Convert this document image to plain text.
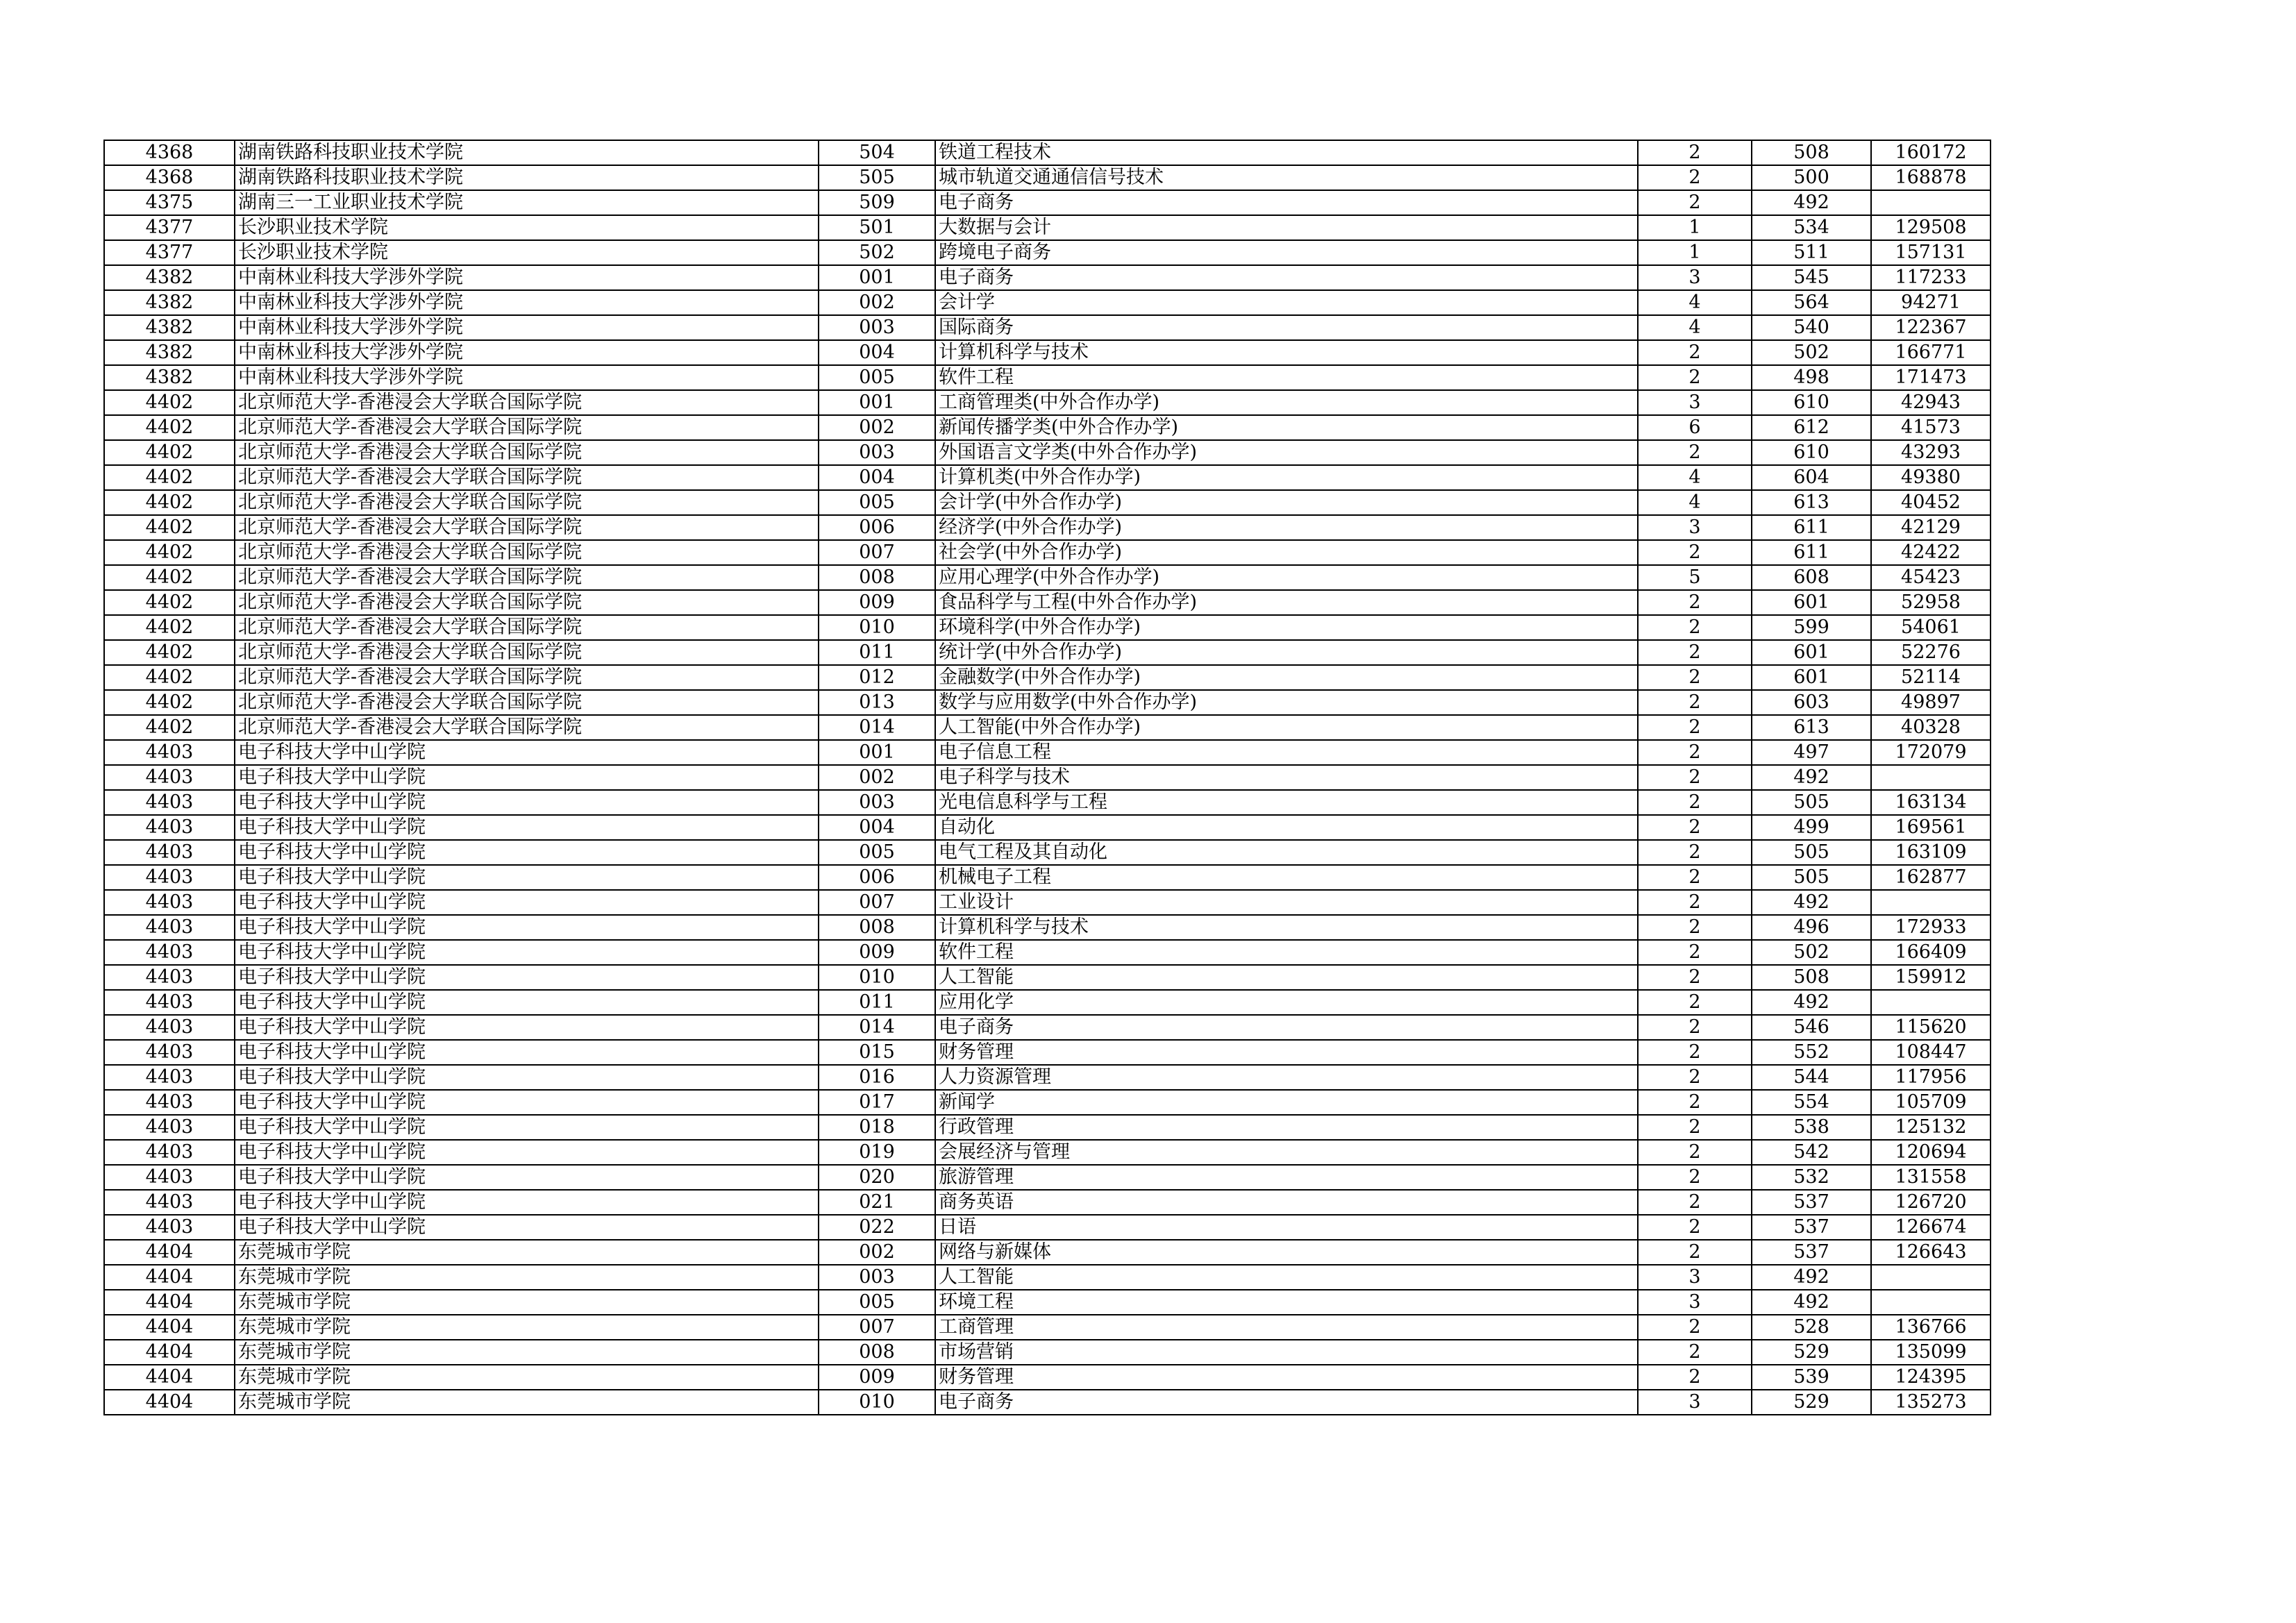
4368	湖南铁路科技职业技术学院	504	铁道工程技术	2	508	160172
4368	湖南铁路科技职业技术学院	505	城市轨道交通通信信号技术	2	500	168878
4375	湖南三一工业职业技术学院	509	电子商务	2	492	
4377	长沙职业技术学院	501	大数据与会计	1	534	129508
4377	长沙职业技术学院	502	跨境电子商务	1	511	157131
4382	中南林业科技大学涉外学院	001	电子商务	3	545	117233
4382	中南林业科技大学涉外学院	002	会计学	4	564	94271
4382	中南林业科技大学涉外学院	003	国际商务	4	540	122367
4382	中南林业科技大学涉外学院	004	计算机科学与技术	2	502	166771
4382	中南林业科技大学涉外学院	005	软件工程	2	498	171473
4402	北京师范大学-香港浸会大学联合国际学院	001	工商管理类(中外合作办学)	3	610	42943
4402	北京师范大学-香港浸会大学联合国际学院	002	新闻传播学类(中外合作办学)	6	612	41573
4402	北京师范大学-香港浸会大学联合国际学院	003	外国语言文学类(中外合作办学)	2	610	43293
4402	北京师范大学-香港浸会大学联合国际学院	004	计算机类(中外合作办学)	4	604	49380
4402	北京师范大学-香港浸会大学联合国际学院	005	会计学(中外合作办学)	4	613	40452
4402	北京师范大学-香港浸会大学联合国际学院	006	经济学(中外合作办学)	3	611	42129
4402	北京师范大学-香港浸会大学联合国际学院	007	社会学(中外合作办学)	2	611	42422
4402	北京师范大学-香港浸会大学联合国际学院	008	应用心理学(中外合作办学)	5	608	45423
4402	北京师范大学-香港浸会大学联合国际学院	009	食品科学与工程(中外合作办学)	2	601	52958
4402	北京师范大学-香港浸会大学联合国际学院	010	环境科学(中外合作办学)	2	599	54061
4402	北京师范大学-香港浸会大学联合国际学院	011	统计学(中外合作办学)	2	601	52276
4402	北京师范大学-香港浸会大学联合国际学院	012	金融数学(中外合作办学)	2	601	52114
4402	北京师范大学-香港浸会大学联合国际学院	013	数学与应用数学(中外合作办学)	2	603	49897
4402	北京师范大学-香港浸会大学联合国际学院	014	人工智能(中外合作办学)	2	613	40328
4403	电子科技大学中山学院	001	电子信息工程	2	497	172079
4403	电子科技大学中山学院	002	电子科学与技术	2	492	
4403	电子科技大学中山学院	003	光电信息科学与工程	2	505	163134
4403	电子科技大学中山学院	004	自动化	2	499	169561
4403	电子科技大学中山学院	005	电气工程及其自动化	2	505	163109
4403	电子科技大学中山学院	006	机械电子工程	2	505	162877
4403	电子科技大学中山学院	007	工业设计	2	492	
4403	电子科技大学中山学院	008	计算机科学与技术	2	496	172933
4403	电子科技大学中山学院	009	软件工程	2	502	166409
4403	电子科技大学中山学院	010	人工智能	2	508	159912
4403	电子科技大学中山学院	011	应用化学	2	492	
4403	电子科技大学中山学院	014	电子商务	2	546	115620
4403	电子科技大学中山学院	015	财务管理	2	552	108447
4403	电子科技大学中山学院	016	人力资源管理	2	544	117956
4403	电子科技大学中山学院	017	新闻学	2	554	105709
4403	电子科技大学中山学院	018	行政管理	2	538	125132
4403	电子科技大学中山学院	019	会展经济与管理	2	542	120694
4403	电子科技大学中山学院	020	旅游管理	2	532	131558
4403	电子科技大学中山学院	021	商务英语	2	537	126720
4403	电子科技大学中山学院	022	日语	2	537	126674
4404	东莞城市学院	002	网络与新媒体	2	537	126643
4404	东莞城市学院	003	人工智能	3	492	
4404	东莞城市学院	005	环境工程	3	492	
4404	东莞城市学院	007	工商管理	2	528	136766
4404	东莞城市学院	008	市场营销	2	529	135099
4404	东莞城市学院	009	财务管理	2	539	124395
4404	东莞城市学院	010	电子商务	3	529	135273
